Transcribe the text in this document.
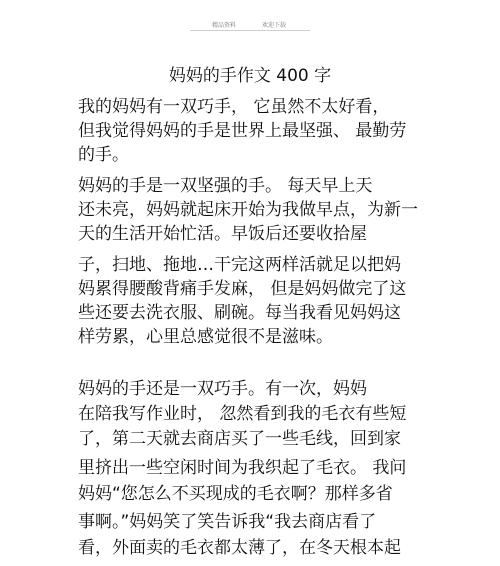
精品资料	欢迎下载
妈妈的手作文 400 字
我的妈妈有一双巧手， 它虽然不太好看，
但我觉得妈妈的手是世界上最坚强、 最勤劳
的手。
妈妈的手是一双坚强的手。 每天早上天
还未亮，妈妈就起床开始为我做早点，为新一
天的生活开始忙活。早饭后还要收拾屋
子，扫地、拖地…干完这两样活就足以把妈
妈累得腰酸背痛手发麻， 但是妈妈做完了这
些还要去洗衣服、刷碗。每当我看见妈妈这
样劳累，心里总感觉很不是滋味。
妈妈的手还是一双巧手。有一次，妈妈
在陪我写作业时， 忽然看到我的毛衣有些短
了，第二天就去商店买了一些毛线，回到家
里挤出一些空闲时间为我织起了毛衣。 我问
妈妈“您怎么不买现成的毛衣啊？那样多省
事啊。”妈妈笑了笑告诉我“我去商店看了
看，外面卖的毛衣都太薄了，在冬天根本起
